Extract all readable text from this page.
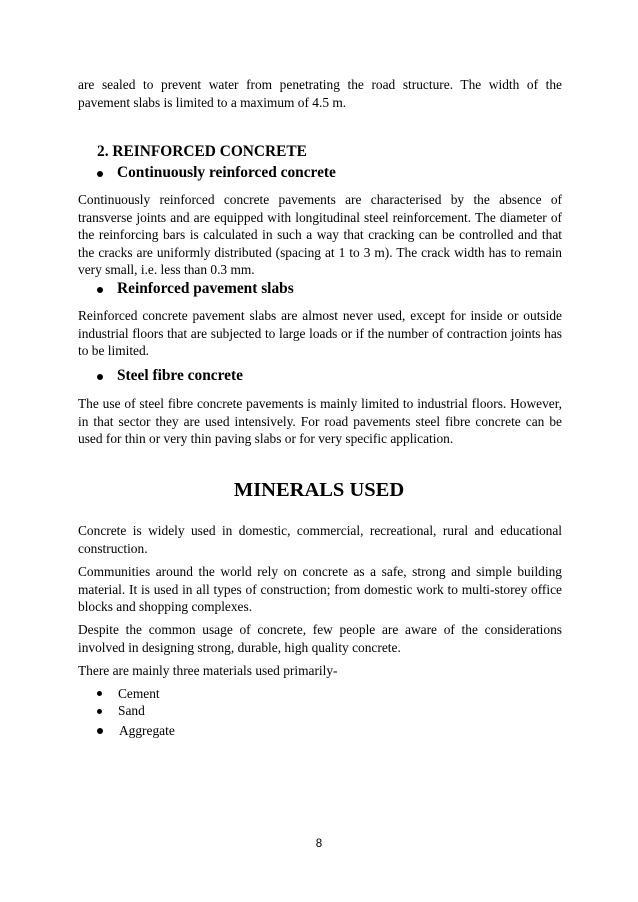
are sealed to prevent water from penetrating the road structure. The width of the pavement slabs is limited to a maximum of 4.5 m.

2. REINFORCED CONCRETE
Continuously reinforced concrete

Continuously reinforced concrete pavements are characterised by the absence of transverse joints and are equipped with longitudinal steel reinforcement. The diameter of the reinforcing bars is calculated in such a way that cracking can be controlled and that the cracks are uniformly distributed (spacing at 1 to 3 m). The crack width has to remain very small, i.e. less than 0.3 mm.

Reinforced pavement slabs

Reinforced concrete pavement slabs are almost never used, except for inside or outside industrial floors that are subjected to large loads or if the number of contraction joints has to be limited.

Steel fibre concrete

The use of steel fibre concrete pavements is mainly limited to industrial floors. However, in that sector they are used intensively. For road pavements steel fibre concrete can be used for thin or very thin paving slabs or for very specific application.

MINERALS USED

Concrete is widely used in domestic, commercial, recreational, rural and educational construction.

Communities around the world rely on concrete as a safe, strong and simple building material. It is used in all types of construction; from domestic work to multi-storey office blocks and shopping complexes.

Despite the common usage of concrete, few people are aware of the considerations involved in designing strong, durable, high quality concrete.

There are mainly three materials used primarily-

Cement
Sand
Aggregate
8
